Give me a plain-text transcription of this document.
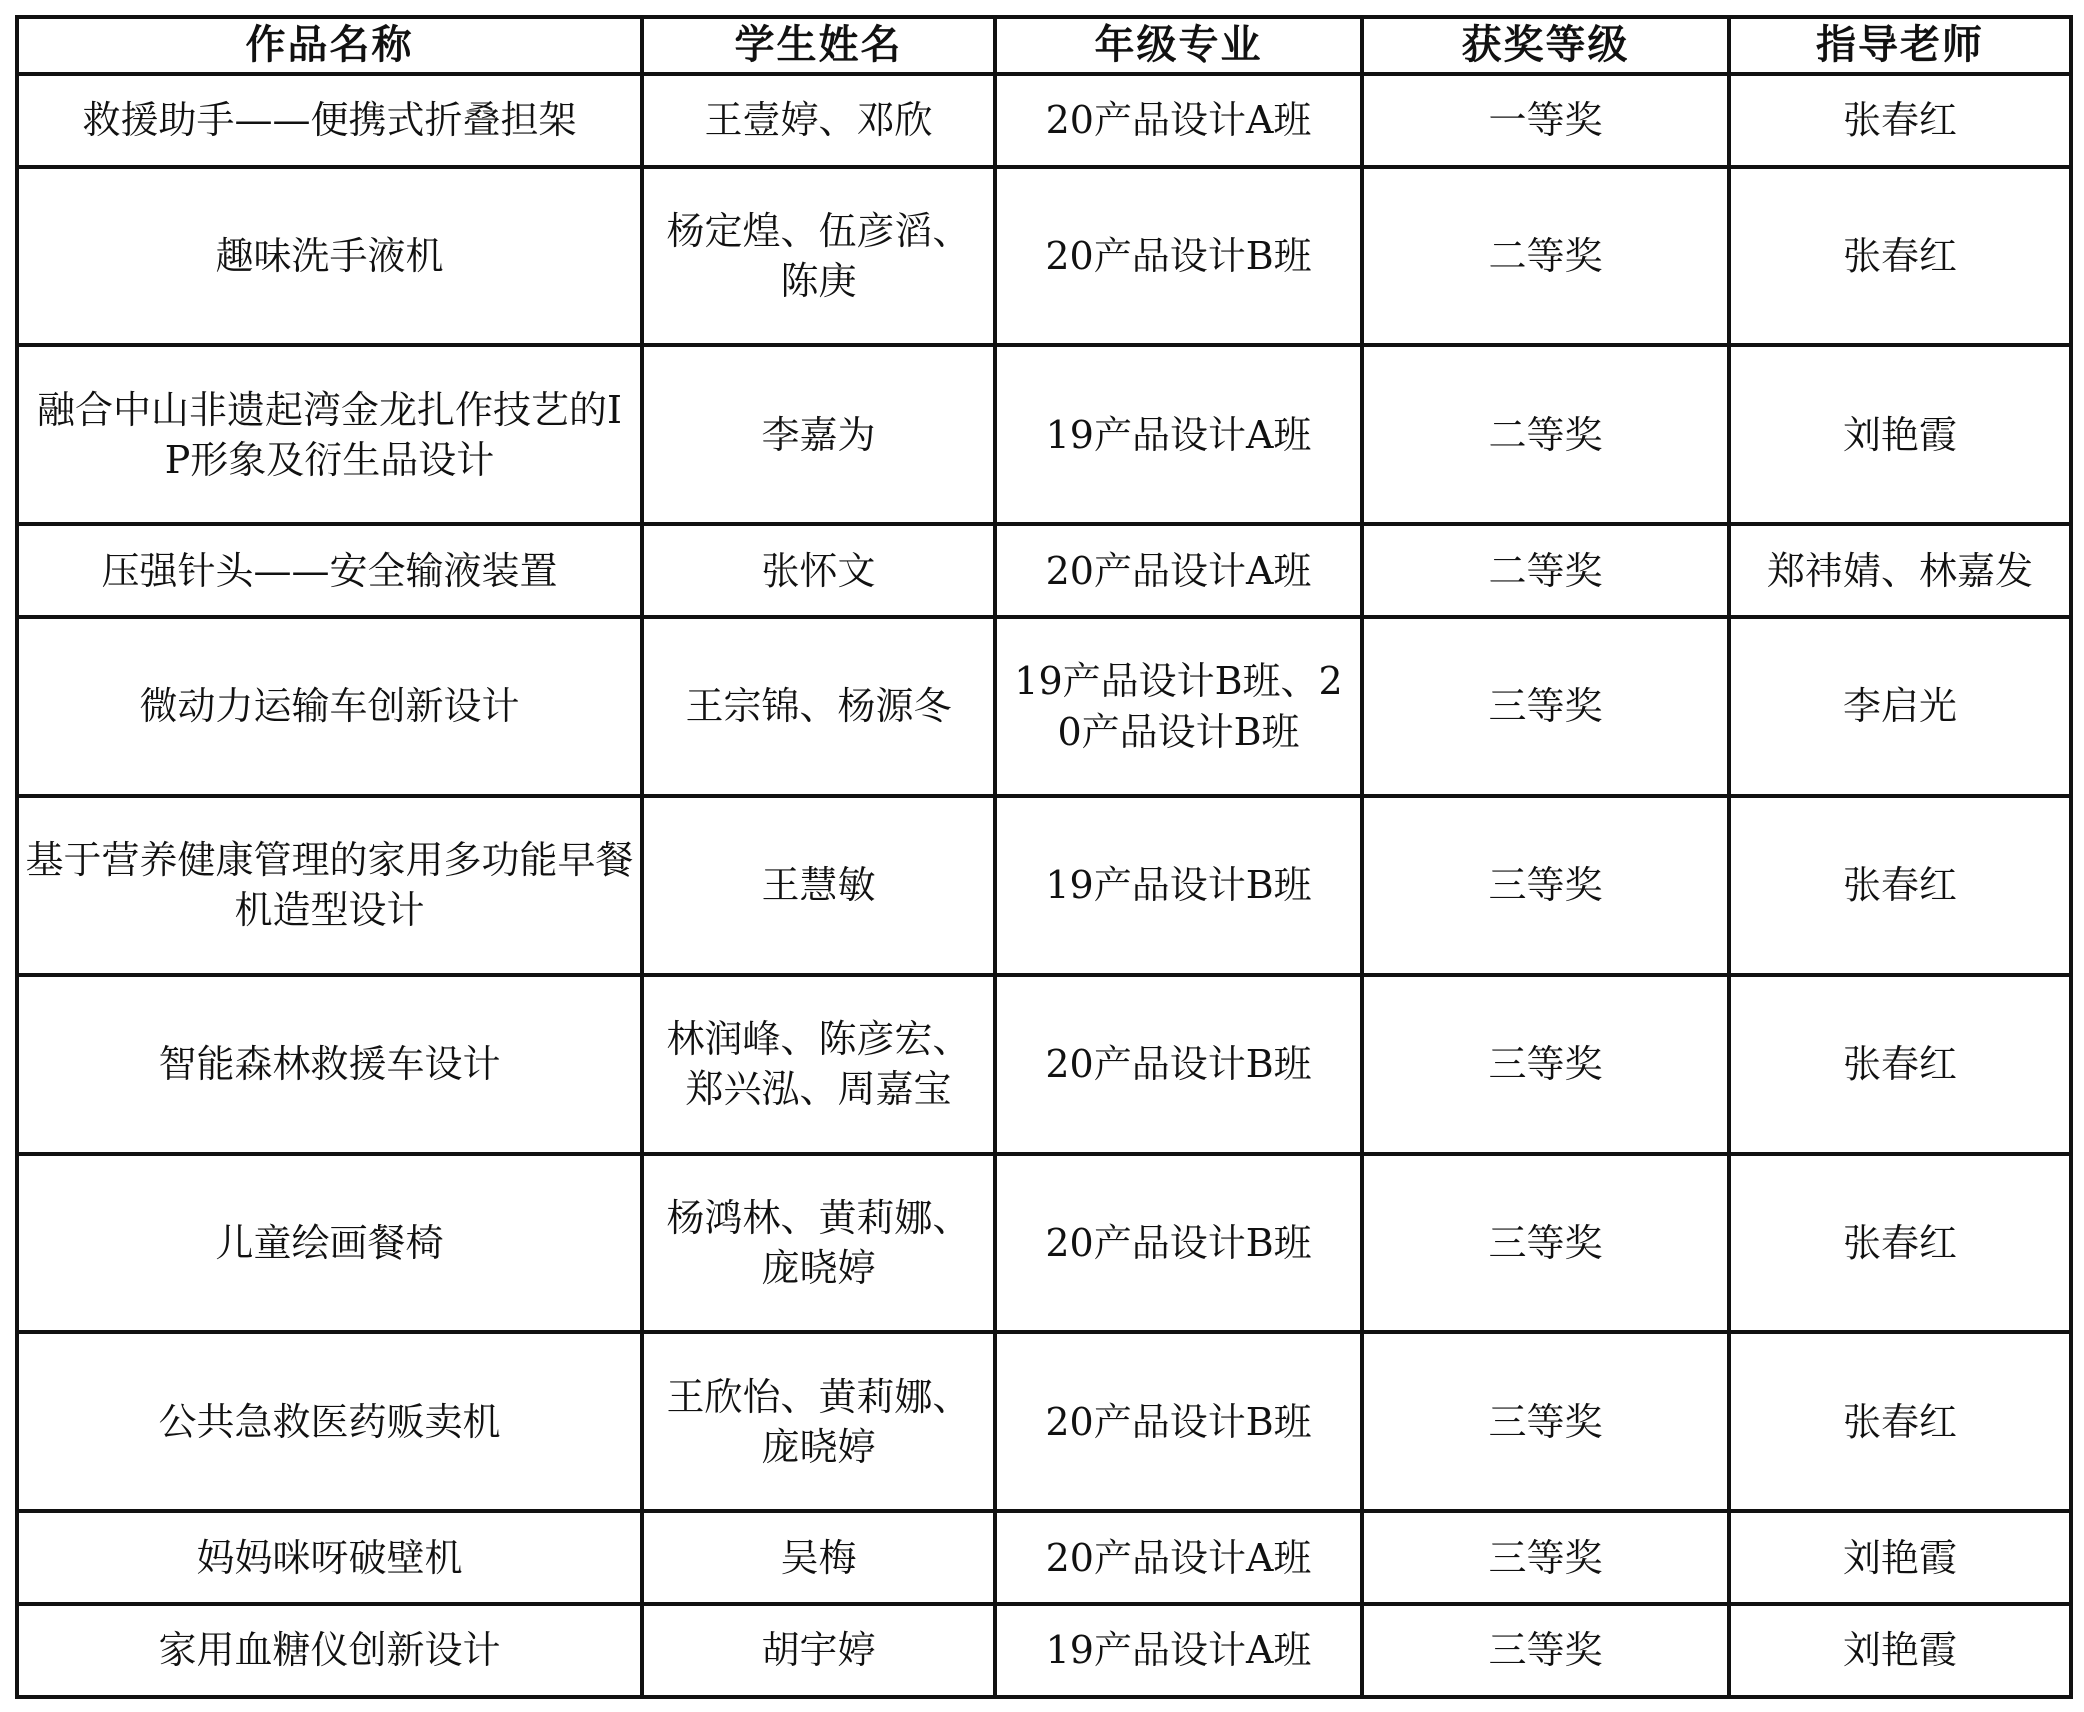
作品名称	学生姓名	年级专业	获奖等级	指导老师
救援助手——便携式折叠担架	王壹婷、邓欣	20产品设计A班	一等奖	张春红
趣味洗手液机	杨定煌、伍彦滔、陈庚	20产品设计B班	二等奖	张春红
融合中山非遗起湾金龙扎作技艺的IP形象及衍生品设计	李嘉为	19产品设计A班	二等奖	刘艳霞
压强针头——安全输液装置	张怀文	20产品设计A班	二等奖	郑祎婧、林嘉发
微动力运输车创新设计	王宗锦、杨源冬	19产品设计B班、20产品设计B班	三等奖	李启光
基于营养健康管理的家用多功能早餐机造型设计	王慧敏	19产品设计B班	三等奖	张春红
智能森林救援车设计	林润峰、陈彦宏、郑兴泓、周嘉宝	20产品设计B班	三等奖	张春红
儿童绘画餐椅	杨鸿林、黄莉娜、庞晓婷	20产品设计B班	三等奖	张春红
公共急救医药贩卖机	王欣怡、黄莉娜、庞晓婷	20产品设计B班	三等奖	张春红
妈妈咪呀破壁机	吴梅	20产品设计A班	三等奖	刘艳霞
家用血糖仪创新设计	胡宇婷	19产品设计A班	三等奖	刘艳霞
